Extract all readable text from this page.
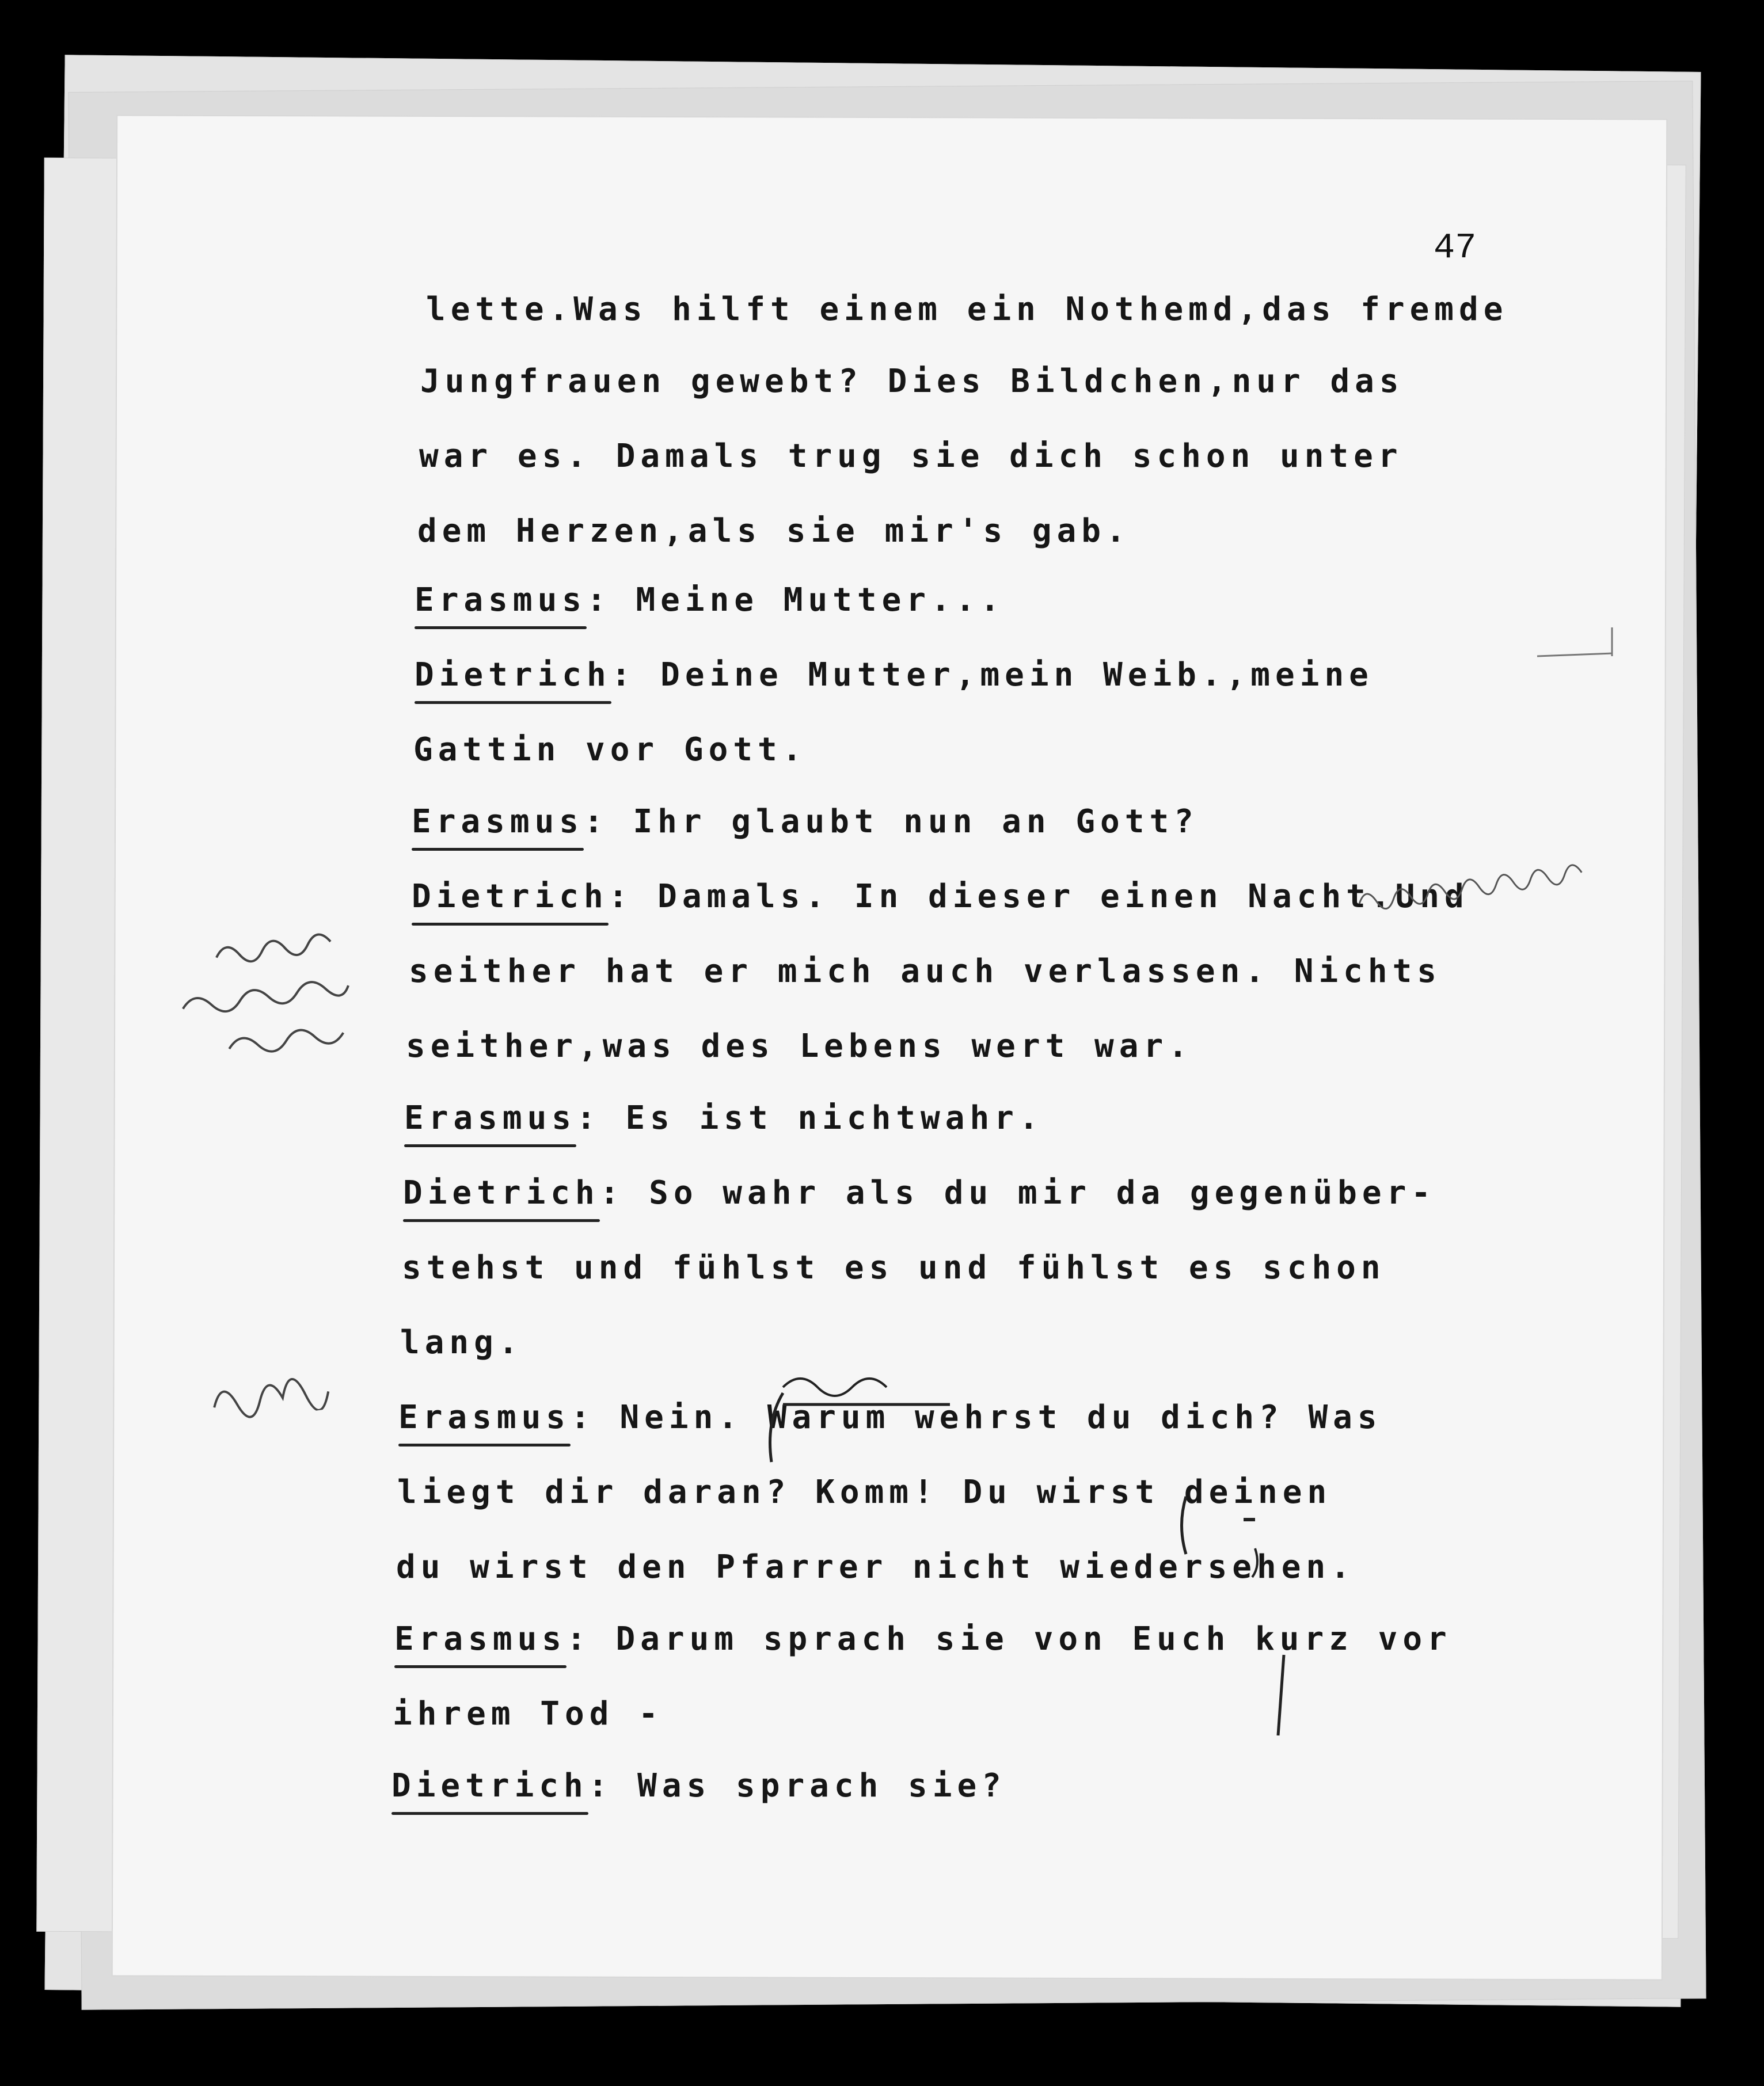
47
lette.Was hilft einem ein Nothemd,das fremde
Jungfrauen gewebt? Dies Bildchen,nur das
war es. Damals trug sie dich schon unter
dem Herzen,als sie mir's gab.
Erasmus: Meine Mutter...
Dietrich: Deine Mutter,mein Weib.,meine
Gattin vor Gott.
Erasmus: Ihr glaubt nun an Gott?
Dietrich: Damals. In dieser einen Nacht.Und
seither hat er mich auch verlassen. Nichts
seither,was des Lebens wert war.
Erasmus: Es ist nichtwahr.
Dietrich: So wahr als du mir da gegenüber-
stehst und fühlst es und fühlst es schon
lang.
Erasmus: Nein. Warum wehrst du dich? Was
liegt dir daran? Komm! Du wirst deinen
du wirst den Pfarrer nicht wiedersehen.
Erasmus: Darum sprach sie von Euch kurz vor
ihrem Tod -
Dietrich: Was sprach sie?
